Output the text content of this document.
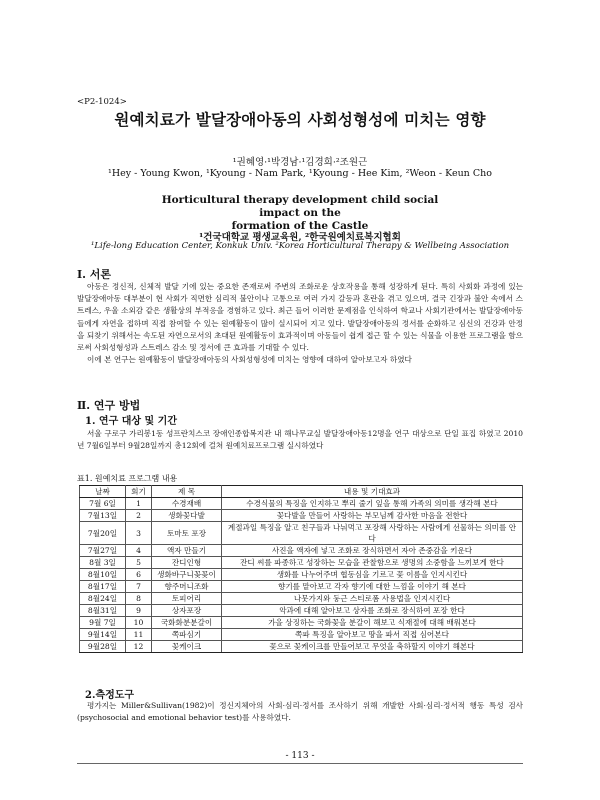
<P2-1024>
원예치료가 발달장애아동의 사회성형성에 미치는 영향
¹권혜영·¹박경남·¹김경희·²조원근
¹Hey - Young Kwon, ¹Kyoung - Nam Park, ¹Kyoung - Hee Kim, ²Weon - Keun Cho
Horticultural therapy development child social impact on the
formation of the Castle
¹건국대학교 평생교육원, ²한국원예치료복지협회
¹Life-long Education Center, Konkuk Univ. ²Korea Horticultural Therapy & Wellbeing Association
Ⅰ. 서론

아동은 정신적, 신체적 발달 기에 있는 중요한 존재로써 주변의 조화로운 상호작용을 통해 성장하게 된다. 특히 사회화 과정에 있는 발달장애아동 대부분이 현 사회가 직면한 심리적 불안이나 고통으로 여러 가지 갈등과 혼란을 겪고 있으며, 결국 긴장과 불안 속에서 스트레스, 우울 소외감 같은 생활상의 부적응을 경험하고 있다. 최근 들어 이러한 문제점을 인식하여 학교나 사회기관에서는 발달장애아동들에게 자연을 접하며 직접 참여할 수 있는 원예활동이 많이 실시되어 지고 있다. 발달장애아동의 정서를 순화하고 심신의 건강과 안정을 되찾기 위해서는 속도된 자연으로서의 초대된 원예활동이 효과적이며 아동들이 쉽게 접근 할 수 있는 식물을 이용한 프로그램을 함으로써 사회성형성과 스트레스 감소 및 정서에 큰 효과를 기대할 수 있다.

이에 본 연구는 원예활동이 발달장애아동의 사회성형성에 미치는 영향에 대하여 알아보고자 하였다

Ⅱ. 연구 방법
1. 연구 대상 및 기간

서울 구로구 가리봉1동 성프란치스코 장애인종합복지관 내 해나무교실 발달장애아동12명을 연구 대상으로 단일 표집 하였고 2010년 7월6일부터 9월28일까지 총12회에 걸쳐 원예치료프로그램 실시하였다

표1. 원예치료 프로그램 내용
날짜	회기	제 목	내용 및 기대효과
7월 6일	1	수경재배	수경식물의 특징을 인지하고 뿌리 줄기 잎을 통해 가족의 의미를 생각해 본다
7월13일	2	생화꽃다발	꽃다발을 만들어 사랑하는 부모님께 감사한 마음을 전한다
7월20일	3	토마토 포장	계절과일 특징을 알고 친구들과 나눠먹고 포장해 사랑하는 사람에게 선물하는 의미를 안다
7월27일	4	액자 만들기	사진을 액자에 넣고 조화로 장식하면서 자아 존중감을 키운다
8월 3일	5	잔디인형	잔디 씨를 파종하고 성장하는 모습을 관찰함으로 생명의 소중함을 느끼보게 한다
8월10일	6	생화바구니꽂꽂이	생화를 나누어주며 협동심을 기르고 꽃 이름을 인지시킨다
8월17일	7	향주머니조화	향기를 맡아보고 각자 향기에 대한 느낌을 이야기 해 본다
8월24일	8	토피어리	나뭇가지와 둥근 스티로폼 사용법을 인지시킨다
8월31일	9	상자포장	악과에 대해 알아보고 상자를 조화로 장식하여 포장 한다
9월 7일	10	국화화분분갈이	가을 상징하는 국화꽃을 분갈이 해보고 식재절에 대해 배워본다
9월14일	11	쪽파심기	쪽파 특징을 알아보고 땅을 파서 직접 심어본다
9월28일	12	꽃케이크	꽃으로 꽃케이크를 만들어보고 무엇을 축하할지 이야기 해본다
2.측정도구

평가지는 Miller&Sullivan(1982)이 정신지체아의 사회·심리·정서를 조사하기 위해 개발한 사회·심리·정서적 행동 특성 검사(psychosocial and emotional behavior test)를 사용하였다.

- 113 -
